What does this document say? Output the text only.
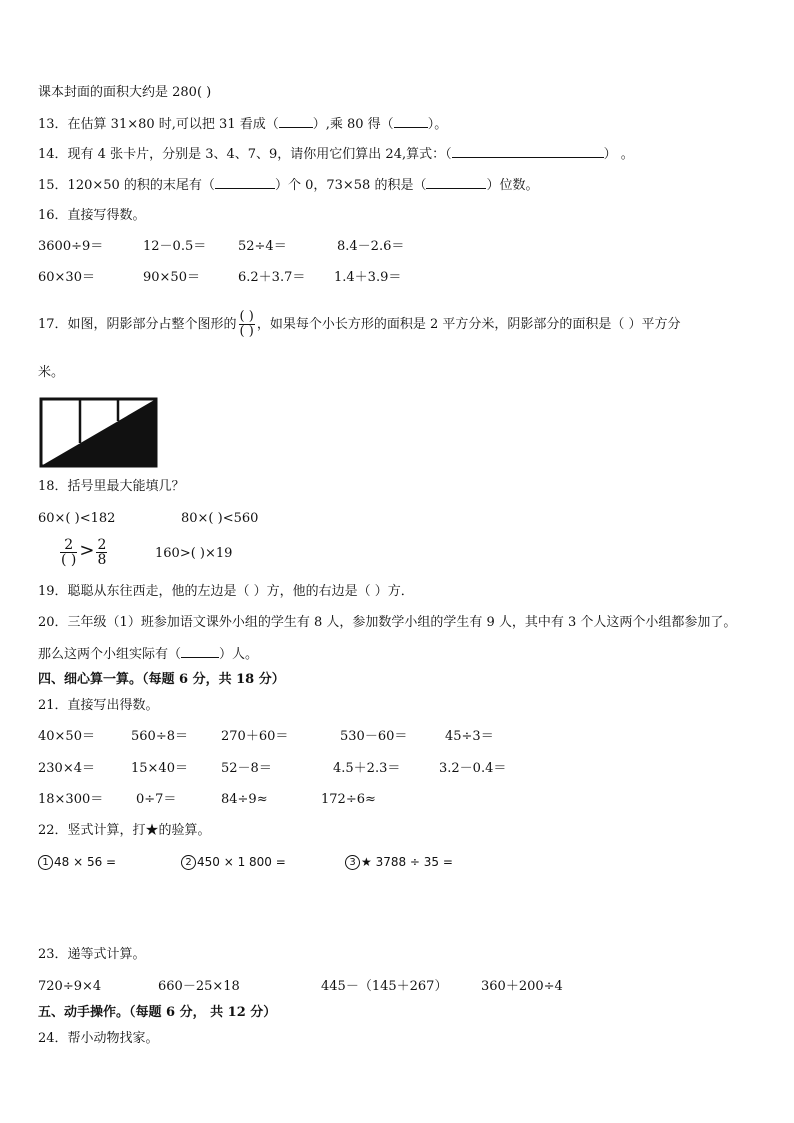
课本封面的面积大约是 280( )
13．在估算 31×80 时,可以把 31 看成（	）,乘 80 得（	）。
14．现有 4 张卡片，分别是 3、4、7、9，请你用它们算出 24,算式：（	） 。
15．120×50 的积的末尾有（	）个 0，73×58 的积是（	）位数。
16．直接写得数。
3600÷9＝	12－0.5＝ 52÷4＝	8.4－2.6＝
60×30＝	90×50＝	6.2＋3.7＝ 1.4＋3.9＝
17．如图，阴影部分占整个图形的 $\frac{( )}{( )}$ ，如果每个小长方形的面积是 2 平方分米，阴影部分的面积是（ ）平方分
米。
18．括号里最大能填几？
60×( )<182	80×( )<560
$\frac{2}{( )} > \frac{2}{8}$	160>( )×19
19．聪聪从东往西走，他的左边是（ ）方，他的右边是（ ）方．
20．三年级（1）班参加语文课外小组的学生有 8 人，参加数学小组的学生有 9 人，其中有 3 个人这两个小组都参加了。
那么这两个小组实际有（	）人。
四、细心算一算。（每题 6 分，共 18 分）
21．直接写出得数。
40×50＝	560÷8＝	270＋60＝	530－60＝	45÷3＝
230×4＝	15×40＝	52－8＝	4.5＋2.3＝	3.2－0.4＝
18×300＝	0÷7＝	84÷9≈	172÷6≈
22．竖式计算，打★的验算。
1 48 × 56 =	2 450 × 1 800 =	3 ★ 3788 ÷ 35 =
23．递等式计算。
720÷9×4	660－25×18	445－（145＋267）	360＋200÷4
五、动手操作。（每题 6 分， 共 12 分）
24．帮小动物找家。
